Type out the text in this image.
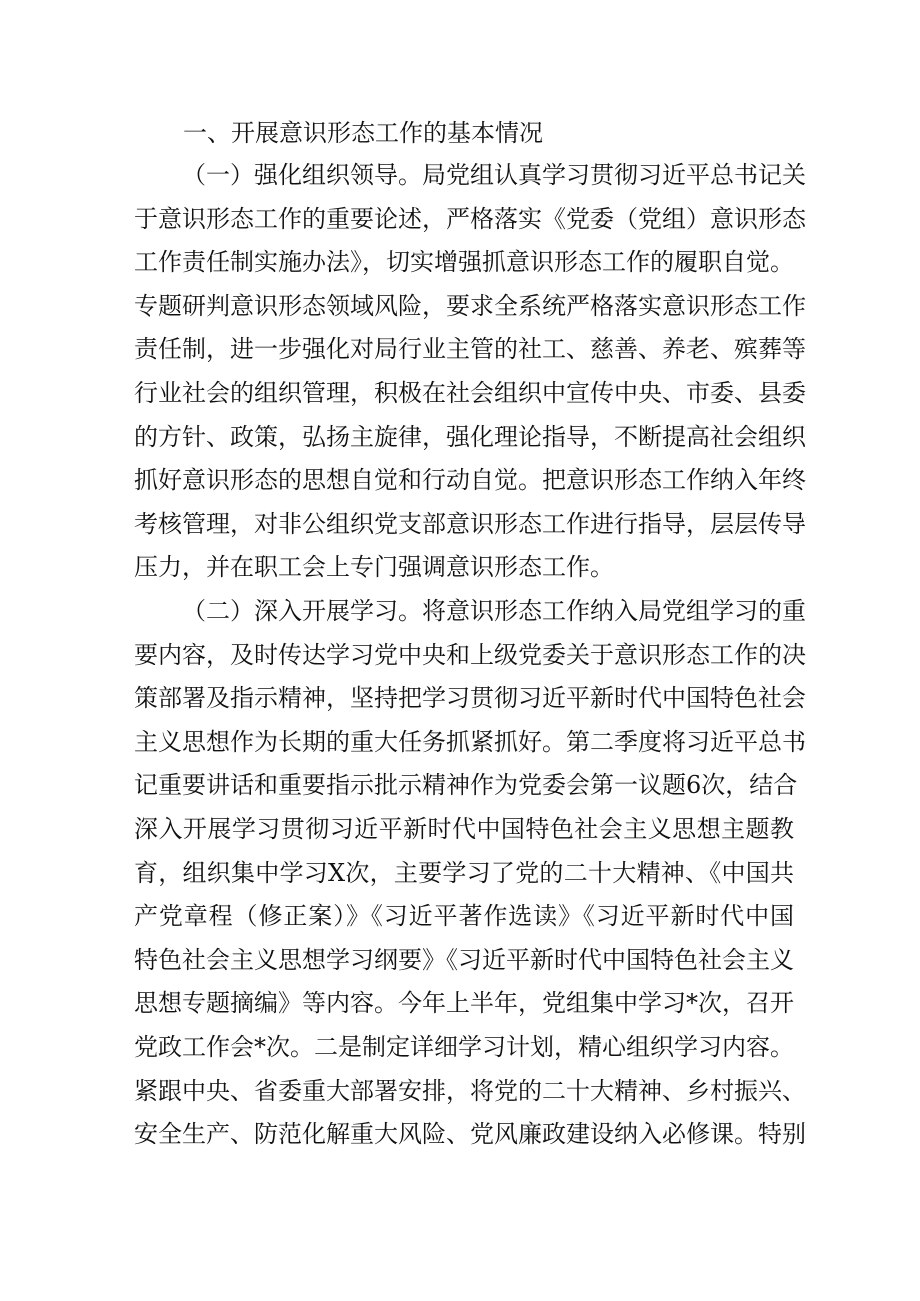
一、开展意识形态工作的基本情况

（一）强化组织领导。局党组认真学习贯彻习近平总书记关
于意识形态工作的重要论述，严格落实《党委（党组）意识形态
工作责任制实施办法》，切实增强抓意识形态工作的履职自觉。
专题研判意识形态领域风险，要求全系统严格落实意识形态工作
责任制，进一步强化对局行业主管的社工、慈善、养老、殡葬等
行业社会的组织管理，积极在社会组织中宣传中央、市委、县委
的方针、政策，弘扬主旋律，强化理论指导，不断提高社会组织
抓好意识形态的思想自觉和行动自觉。把意识形态工作纳入年终
考核管理，对非公组织党支部意识形态工作进行指导，层层传导
压力，并在职工会上专门强调意识形态工作。

（二）深入开展学习。将意识形态工作纳入局党组学习的重
要内容，及时传达学习党中央和上级党委关于意识形态工作的决
策部署及指示精神，坚持把学习贯彻习近平新时代中国特色社会
主义思想作为长期的重大任务抓紧抓好。第二季度将习近平总书
记重要讲话和重要指示批示精神作为党委会第一议题6次，结合
深入开展学习贯彻习近平新时代中国特色社会主义思想主题教
育，组织集中学习X次，主要学习了党的二十大精神、《中国共
产党章程（修正案）》《习近平著作选读》《习近平新时代中国
特色社会主义思想学习纲要》《习近平新时代中国特色社会主义
思想专题摘编》等内容。今年上半年，党组集中学习*次，召开
党政工作会*次。二是制定详细学习计划，精心组织学习内容。
紧跟中央、省委重大部署安排，将党的二十大精神、乡村振兴、
安全生产、防范化解重大风险、党风廉政建设纳入必修课。特别
